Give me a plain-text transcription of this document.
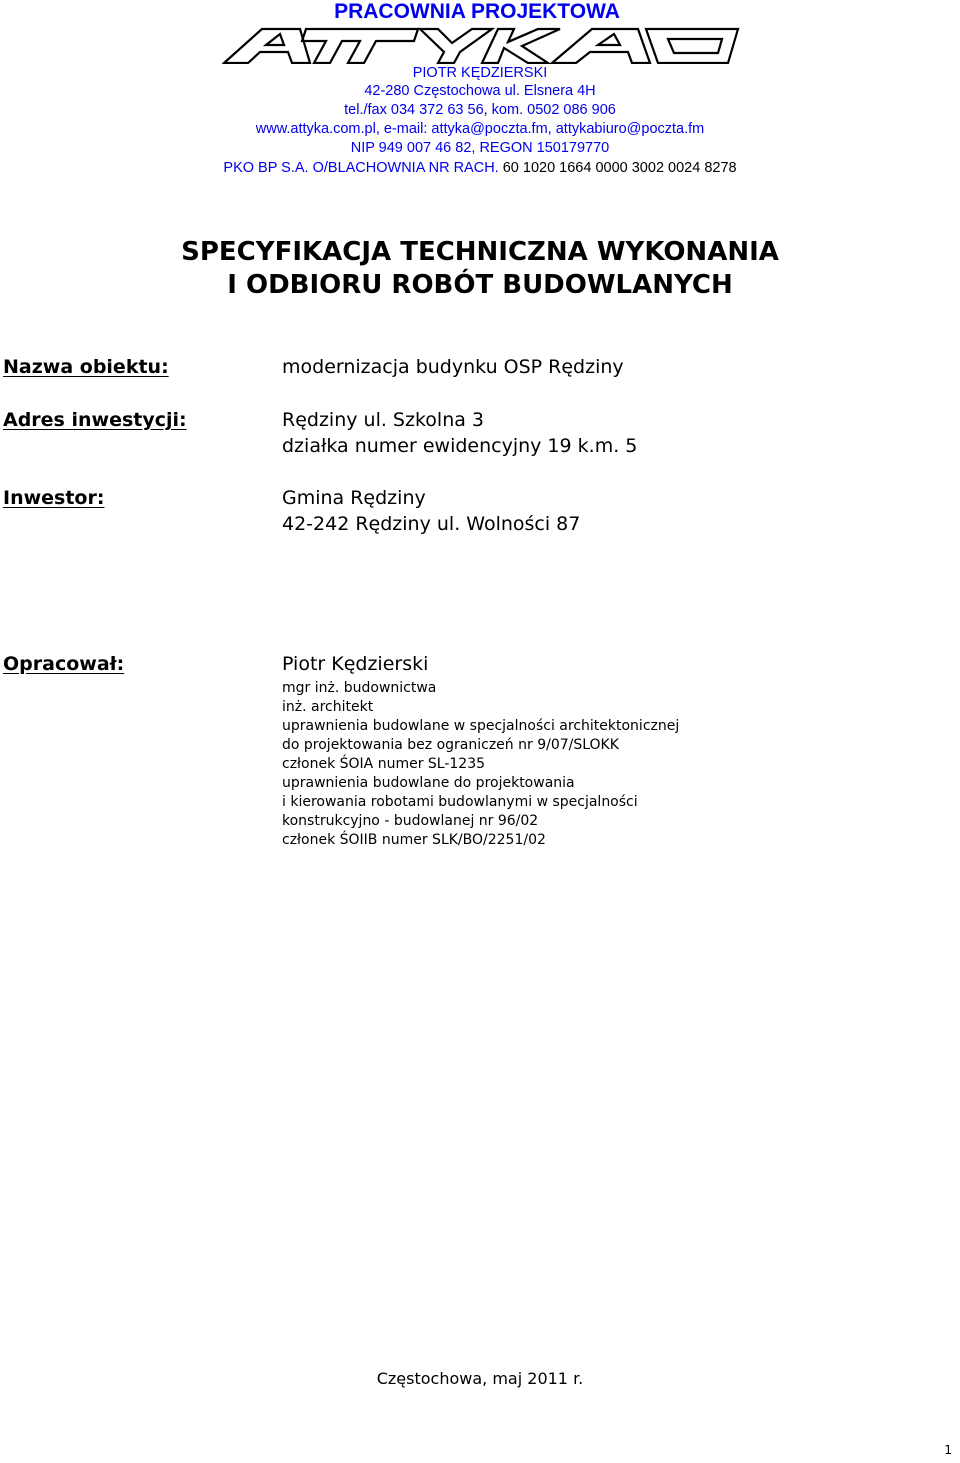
PRACOWNIA PROJEKTOWA
PIOTR KĘDZIERSKI
42-280 Częstochowa ul. Elsnera 4H
tel./fax 034 372 63 56, kom. 0502 086 906
www.attyka.com.pl, e-mail: attyka@poczta.fm, attykabiuro@poczta.fm
NIP 949 007 46 82, REGON 150179770
PKO BP S.A. O/BLACHOWNIA NR RACH. 60 1020 1664 0000 3002 0024 8278
SPECYFIKACJA TECHNICZNA WYKONANIA
I ODBIORU ROBÓT BUDOWLANYCH
Nazwa obiektu:	modernizacja budynku OSP Rędziny
Adres inwestycji:	Rędziny ul. Szkolna 3
działka numer ewidencyjny 19 k.m. 5
Inwestor:	Gmina Rędziny
42-242 Rędziny ul. Wolności 87
Opracował:	Piotr Kędzierski
mgr inż. budownictwa
inż. architekt
uprawnienia budowlane w specjalności architektonicznej
do projektowania bez ograniczeń nr 9/07/SLOKK
członek ŚOIA numer SL-1235
uprawnienia budowlane do projektowania
i kierowania robotami budowlanymi w specjalności
konstrukcyjno - budowlanej nr 96/02
członek ŚOIIB numer SLK/BO/2251/02
Częstochowa, maj 2011 r.
1
